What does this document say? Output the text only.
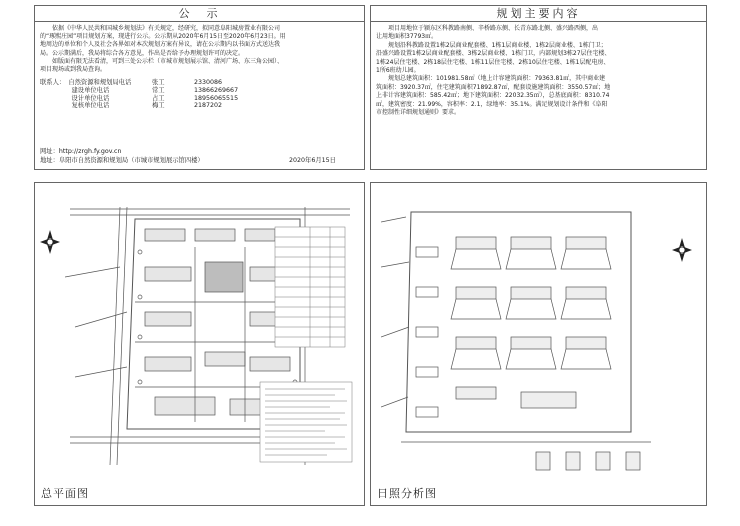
公　示
　　依据《中华人民共和国城乡规划法》有关规定，经研究，拟同意阜阳城房置业有限公司
的“琢熙庄园”项目规划方案，现进行公示。公示期从2020年6月15日至2020年6月23日。用
地周边的单位和个人及社会各界如对本次规划方案有异议，请在公示期内以书面方式送达我
局。公示期满后，我局将综合各方意见，作出是否给予办理规划许可的决定。
　　如版面有限无法看清，可到三处公示栏（市城市规划展示馆、清河广场、东三角公园）、
项目现场或到我局查询。
联系人：　自然资源和规划局电话	张工	2330086
　　　　　建设单位电话	常工	13866269667
　　　　　设计单位电话	占工	18956065515
　　　　　复核单位电话	梅工	2187202
网址：http://zrgh.fy.gov.cn
地址：阜阳市自然资源和规划局（市城市规划展示馆四楼）	2020年6月15日
规划主要内容
　　项目用地位于颍东区科教路南侧、辛桥路东侧、长青东路北侧、盛兴路西侧，出
让用地面积37793㎡。
　　规划沿科教路设置1栋2层商业配套楼、1栋1层商业楼、1栋2层商业楼、1栋门卫；
沿盛兴路设置1栋2层商业配套楼、3栋2层商业楼、1栋门卫，内部规划3栋27层住宅楼、
1栋24层住宅楼、2栋18层住宅楼、1栋11层住宅楼、2栋10层住宅楼、1栋1层配电房、
1所6班幼儿园。
　　规划总建筑面积：101981.58㎡（地上计容建筑面积：79363.81㎡，其中商业建
筑面积：3920.37㎡，住宅建筑面积71892.87㎡，配套设施建筑面积：3550.57㎡；地
上非计容建筑面积：585.42㎡；地下建筑面积：22032.35㎡），总基底面积：8310.74
㎡，建筑密度：21.99%，容积率：2.1，绿地率：35.1%。满足规划设计条件和《阜阳
市控制性详细规划通则》要求。
总平面图	日照分析图
